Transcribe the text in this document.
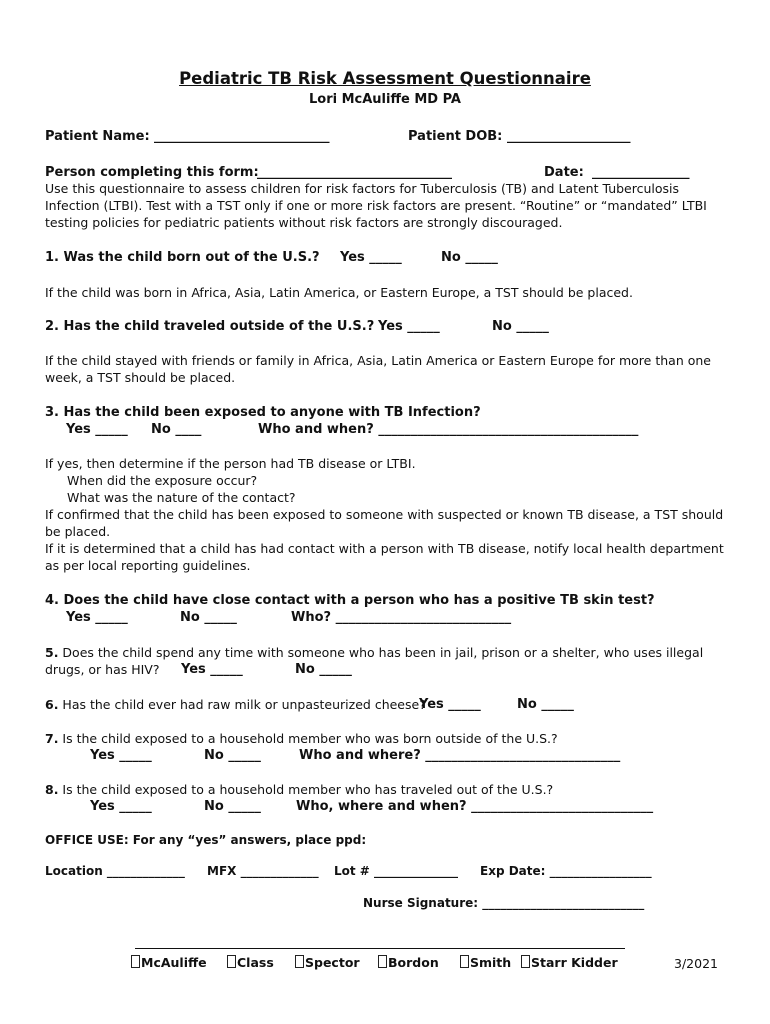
Pediatric TB Risk Assessment Questionnaire
Lori McAuliffe MD PA
Patient Name: ___________________________	Patient DOB: ___________________
Person completing this form:
______________________________	Date: _______________
Use this questionnaire to assess children for risk factors for Tuberculosis (TB) and Latent Tuberculosis
Infection (LTBI). Test with a TST only if one or more risk factors are present. “Routine” or “mandated” LTBI
testing policies for pediatric patients without risk factors are strongly discouraged.
1. Was the child born out of the U.S.? Yes _____	No _____
If the child was born in Africa, Asia, Latin America, or Eastern Europe, a TST should be placed.
2. Has the child traveled outside of the U.S.? Yes _____	No _____
If the child stayed with friends or family in Africa, Asia, Latin America or Eastern Europe for more than one
week, a TST should be placed.
3. Has the child been exposed to anyone with TB Infection?
Yes _____ No ____	Who and when? ________________________________________
If yes, then determine if the person had TB disease or LTBI.
When did the exposure occur?
What was the nature of the contact?
If confirmed that the child has been exposed to someone with suspected or known TB disease, a TST should
be placed.
If it is determined that a child has had contact with a person with TB disease, notify local health department
as per local reporting guidelines.
4. Does the child have close contact with a person who has a positive TB skin test?
Yes _____	No _____	Who? ___________________________
5. Does the child spend any time with someone who has been in jail, prison or a shelter, who uses illegal
drugs, or has HIV? Yes _____	No _____
6. Has the child ever had raw milk or unpasteurized cheese?
Yes _____	No _____
7. Is the child exposed to a household member who was born outside of the U.S.?
Yes _____	No _____	Who and where? ______________________________
8. Is the child exposed to a household member who has traveled out of the U.S.?
Yes _____	No _____	Who, where and when? ____________________________
OFFICE USE: For any “yes” answers, place ppd:
Location _____________ MFX _____________ Lot # ______________ Exp Date: _________________
Nurse Signature: ___________________________
McAuliffe	Class	Spector	Bordon	Smith	Starr Kidder	3/2021
